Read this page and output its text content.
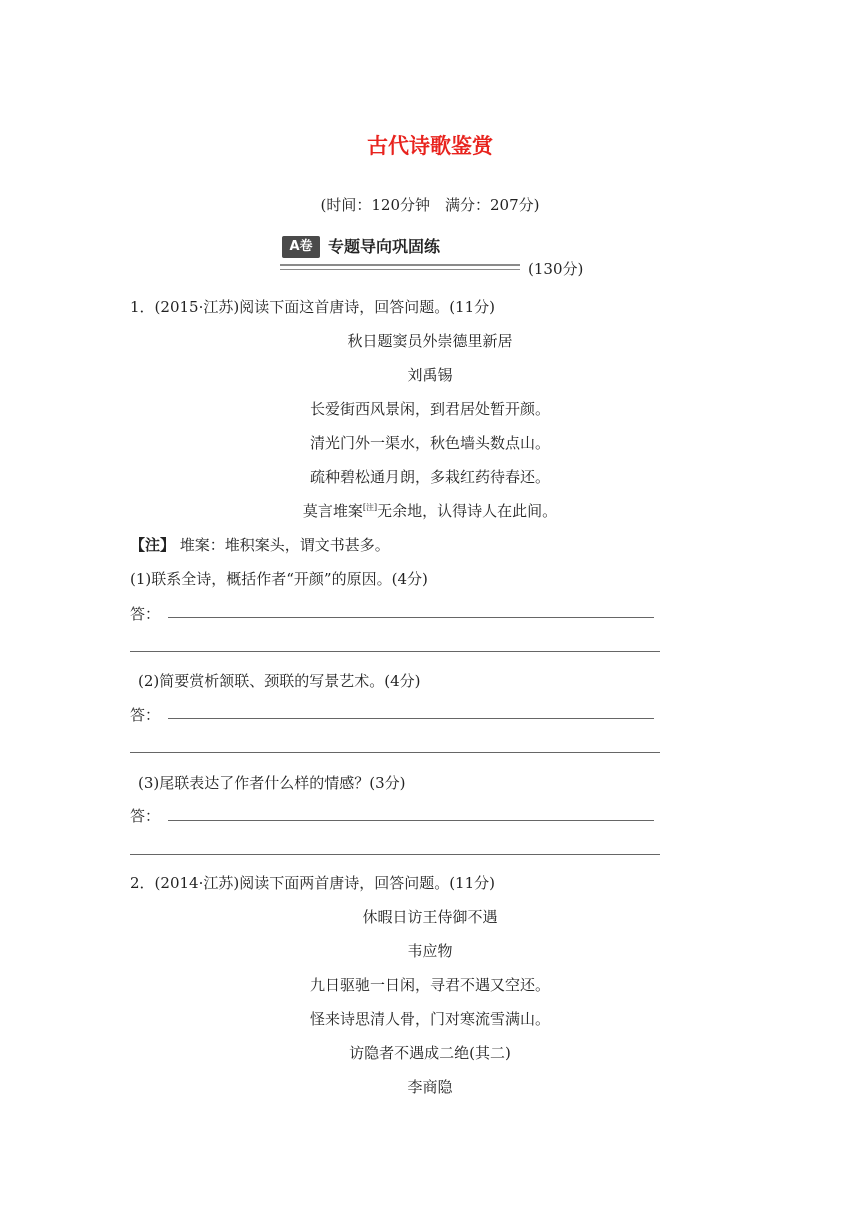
古代诗歌鉴赏
(时间：120分钟　满分：207分)
A卷 专题导向巩固练
(130分)
1．(2015·江苏)阅读下面这首唐诗，回答问题。(11分)
秋日题窦员外崇德里新居
刘禹锡
长爱街西风景闲，到君居处暂开颜。
清光门外一渠水，秋色墙头数点山。
疏种碧松通月朗，多栽红药待春还。
莫言堆案[注]无余地，认得诗人在此间。
【注】 堆案：堆积案头，谓文书甚多。
(1)联系全诗，概括作者“开颜”的原因。(4分)
答：
(2)简要赏析颔联、颈联的写景艺术。(4分)
答：
(3)尾联表达了作者什么样的情感？(3分)
答：
2．(2014·江苏)阅读下面两首唐诗，回答问题。(11分)
休暇日访王侍御不遇
韦应物
九日驱驰一日闲，寻君不遇又空还。
怪来诗思清人骨，门对寒流雪满山。
访隐者不遇成二绝(其二)
李商隐
